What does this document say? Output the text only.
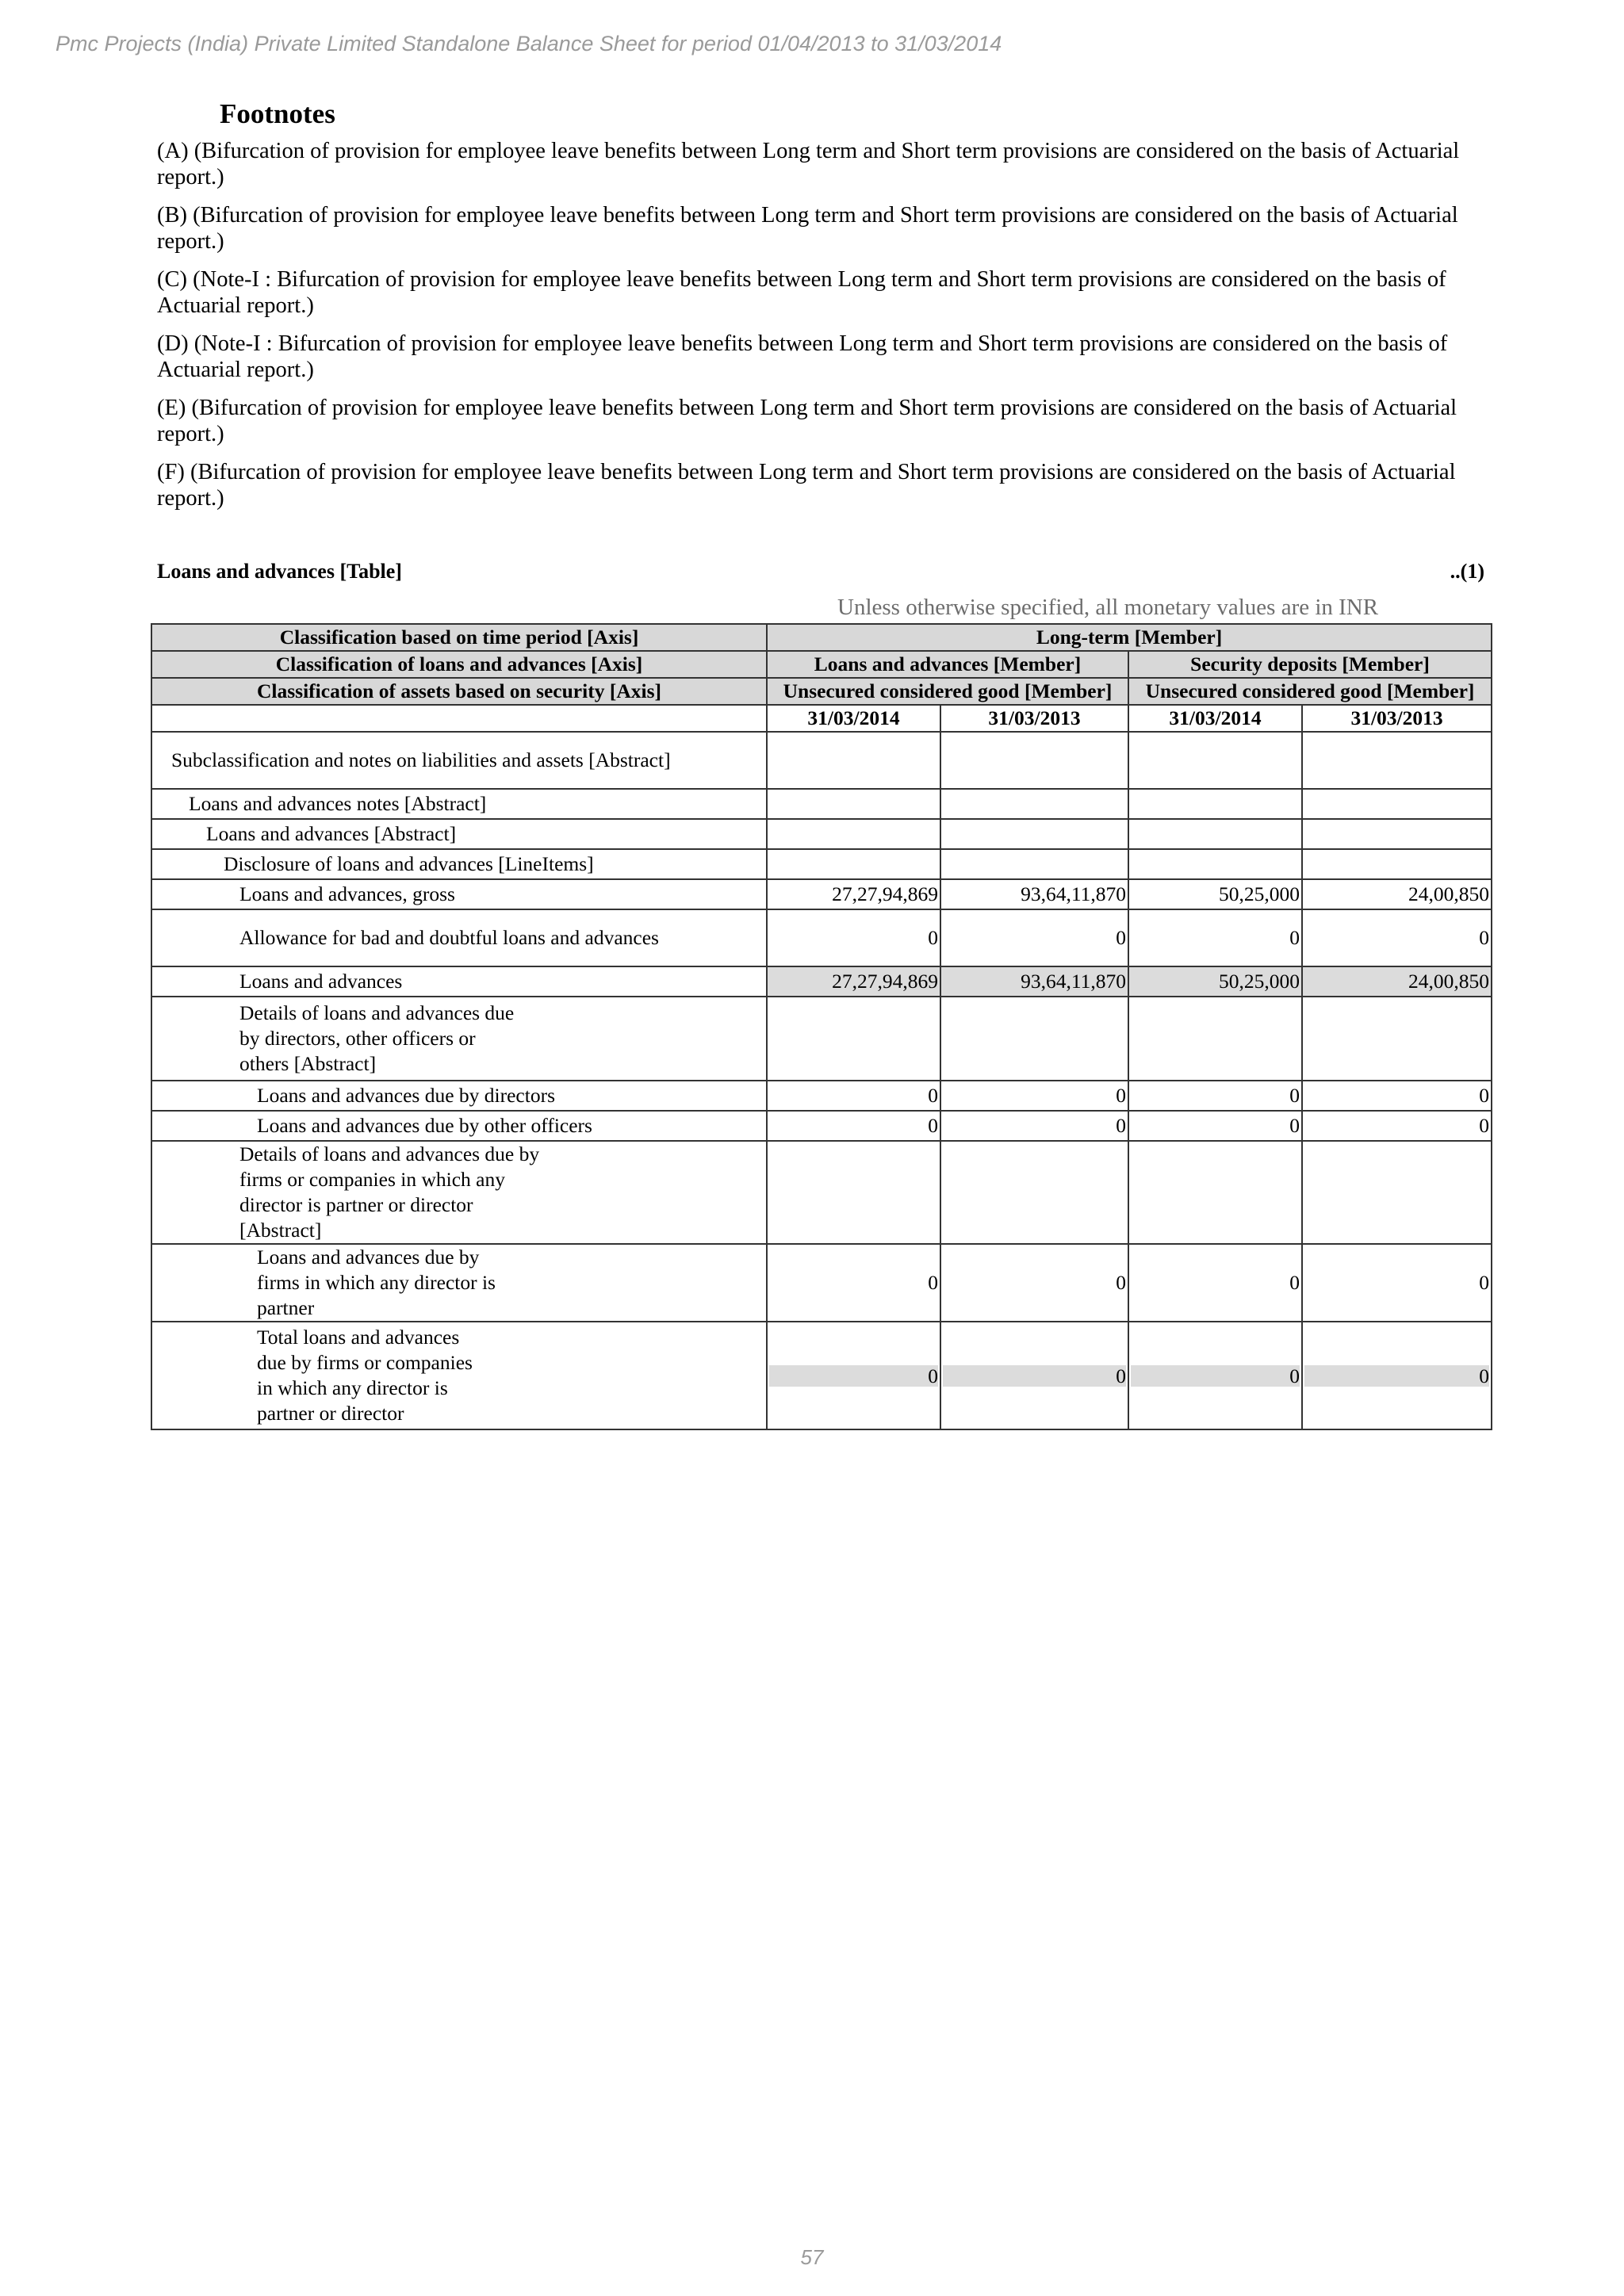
Pmc Projects (India) Private Limited Standalone Balance Sheet for period 01/04/2013 to 31/03/2014
Footnotes

(A) (Bifurcation of provision for employee leave benefits between Long term and Short term provisions are considered on the basis of Actuarial report.)

(B) (Bifurcation of provision for employee leave benefits between Long term and Short term provisions are considered on the basis of Actuarial report.)

(C) (Note-I : Bifurcation of provision for employee leave benefits between Long term and Short term provisions are considered on the basis of Actuarial report.)

(D) (Note-I : Bifurcation of provision for employee leave benefits between Long term and Short term provisions are considered on the basis of Actuarial report.)

(E) (Bifurcation of provision for employee leave benefits between Long term and Short term provisions are considered on the basis of Actuarial report.)

(F) (Bifurcation of provision for employee leave benefits between Long term and Short term provisions are considered on the basis of Actuarial report.)

Loans and advances [Table]	..(1)
Unless otherwise specified, all monetary values are in INR
Classification based on time period [Axis]	Long-term [Member]			
Classification of loans and advances [Axis]	Loans and advances [Member]		Security deposits [Member]	
Classification of assets based on security [Axis]	Unsecured considered good [Member]		Unsecured considered good [Member]	
	31/03/2014	31/03/2013	31/03/2014	31/03/2013
Subclassification and notes on liabilities and assets [Abstract]				
Loans and advances notes [Abstract]				
Loans and advances [Abstract]				
Disclosure of loans and advances [LineItems]				
Loans and advances, gross	27,27,94,869	93,64,11,870	50,25,000	24,00,850
Allowance for bad and doubtful loans and advances	0	0	0	0
Loans and advances	27,27,94,869	93,64,11,870	50,25,000	24,00,850
Details of loans and advances due by directors, other officers or others [Abstract]				
Loans and advances due by directors	0	0	0	0
Loans and advances due by other officers	0	0	0	0
Details of loans and advances due by firms or companies in which any director is partner or director [Abstract]				
Loans and advances due by firms in which any director is partner	0	0	0	0
Total loans and advances due by firms or companies in which any director is partner or director	0	0	0	0
57
